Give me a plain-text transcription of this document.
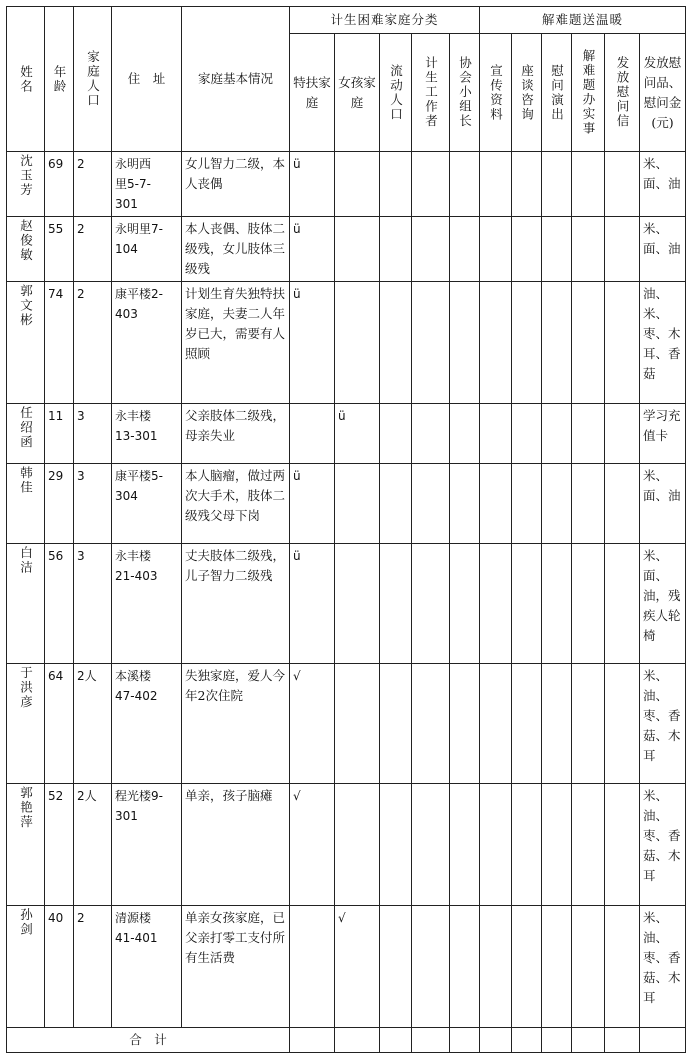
姓名	年龄	家庭人口	住　址	家庭基本情况	计生困难家庭分类					解难题送温暖					

					特扶家庭	女孩家庭	流动人口	计生工作者	协会小组长	宣传资料	座谈咨询	慰问演出	解难题办实事	发放慰问信	发放慰问品、慰问金(元)

沈玉芳	69	2	永明西
里5-7-
301	女儿智力二级，本人丧偶	ü										米、面、油

赵俊敏	55	2	永明里7-
104	本人丧偶、肢体二级残，女儿肢体三级残	ü										米、面、油

郭文彬	74	2	康平楼2-
403	计划生育失独特扶家庭，夫妻二人年岁已大，需要有人照顾	ü										油、米、枣、木耳、香菇

任绍函	11	3	永丰楼
13-301	父亲肢体二级残，母亲失业		ü									学习充值卡

韩佳	29	3	康平楼5-
304	本人脑瘤，做过两次大手术，肢体二级残父母下岗	ü										米、面、油

白洁	56	3	永丰楼
21-403	丈夫肢体二级残，儿子智力二级残	ü										米、面、油，残疾人轮椅

于洪彦	64	2人	本溪楼
47-402	失独家庭，爱人今年2次住院	√										米、油、枣、香菇、木耳

郭艳萍	52	2人	程光楼9-
301	单亲，孩子脑瘫	√										米、油、枣、香菇、木耳

孙剑	40	2	清源楼
41-401	单亲女孩家庭，已父亲打零工支付所有生活费		√									米、油、枣、香菇、木耳
合　计															
